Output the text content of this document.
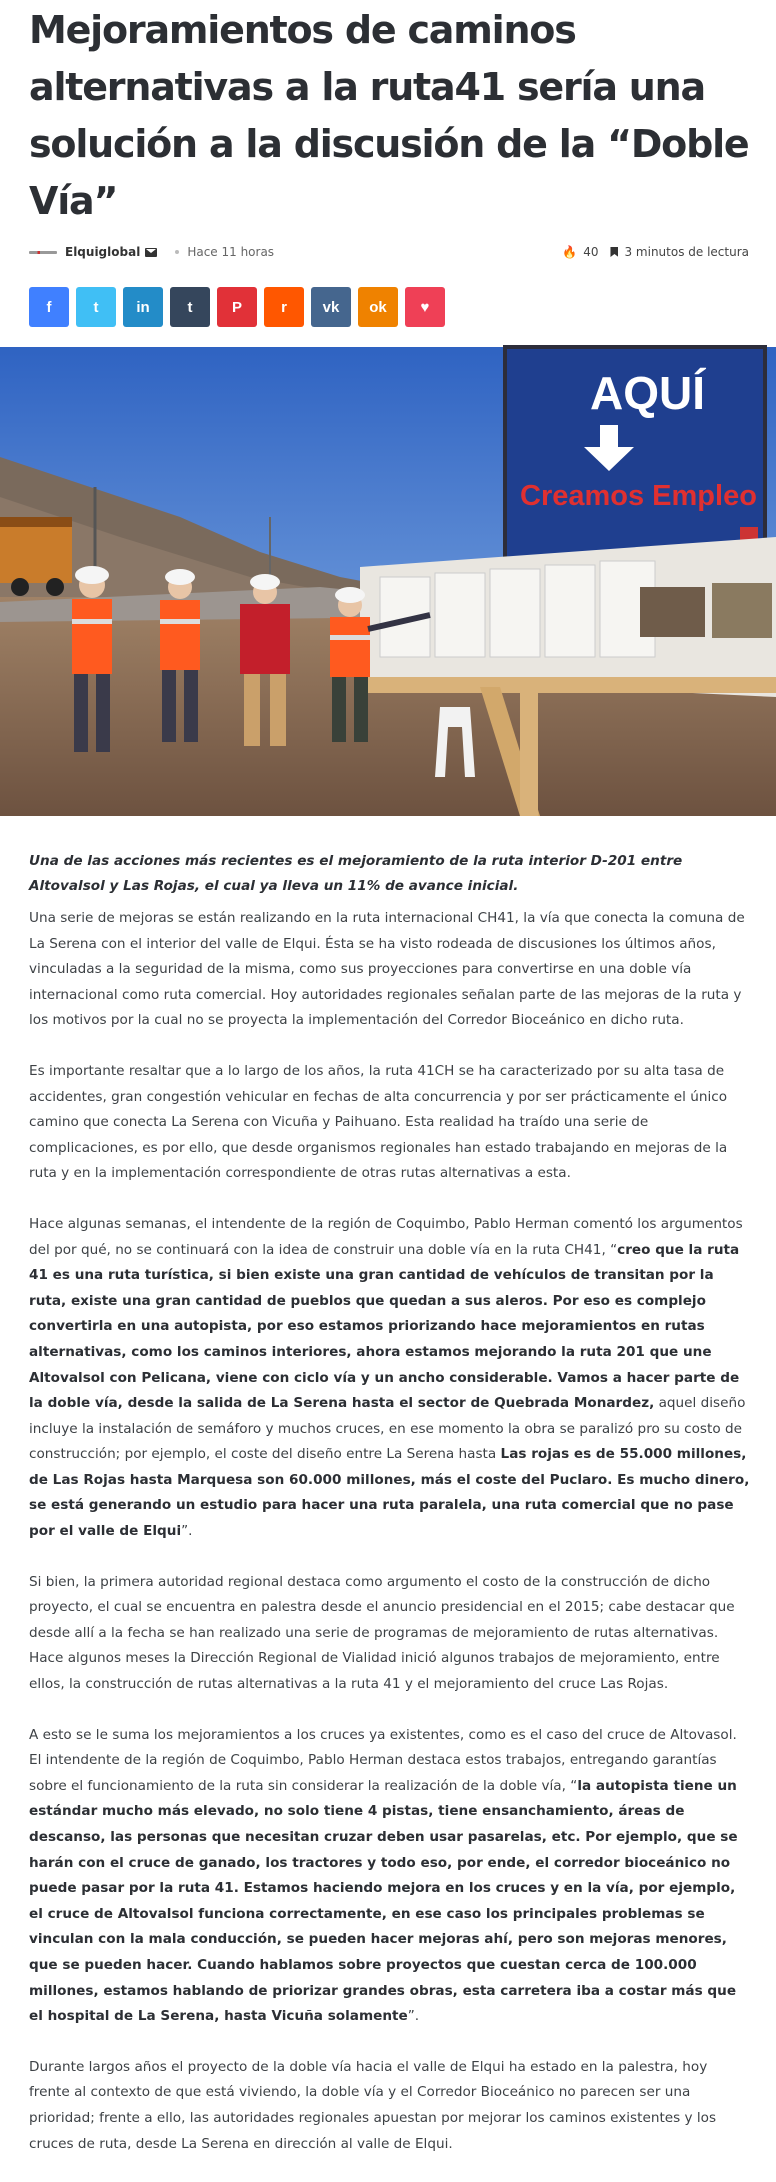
Mejoramientos de caminos alternativas a la ruta41 sería una solución a la discusión de la “Doble Vía”
Elquiglobal	Hace 11 horas	🔥 40 3 minutos de lectura
f	t	in	t	P	r vk ok ♥
AQUÍ
Creamos Empleo

Una de las acciones más recientes es el mejoramiento de la ruta interior D-201 entre Altovalsol y Las Rojas, el cual ya lleva un 11% de avance inicial.

Una serie de mejoras se están realizando en la ruta internacional CH41, la vía que conecta la comuna de La Serena con el interior del valle de Elqui. Ésta se ha visto rodeada de discusiones los últimos años, vinculadas a la seguridad de la misma, como sus proyecciones para convertirse en una doble vía internacional como ruta comercial. Hoy autoridades regionales señalan parte de las mejoras de la ruta y los motivos por la cual no se proyecta la implementación del Corredor Bioceánico en dicho ruta.

Es importante resaltar que a lo largo de los años, la ruta 41CH se ha caracterizado por su alta tasa de accidentes, gran congestión vehicular en fechas de alta concurrencia y por ser prácticamente el único camino que conecta La Serena con Vicuña y Paihuano. Esta realidad ha traído una serie de complicaciones, es por ello, que desde organismos regionales han estado trabajando en mejoras de la ruta y en la implementación correspondiente de otras rutas alternativas a esta.

Hace algunas semanas, el intendente de la región de Coquimbo, Pablo Herman comentó los argumentos del por qué, no se continuará con la idea de construir una doble vía en la ruta CH41, “creo que la ruta 41 es una ruta turística, si bien existe una gran cantidad de vehículos de transitan por la ruta, existe una gran cantidad de pueblos que quedan a sus aleros. Por eso es complejo convertirla en una autopista, por eso estamos priorizando hace mejoramientos en rutas alternativas, como los caminos interiores, ahora estamos mejorando la ruta 201 que une Altovalsol con Pelicana, viene con ciclo vía y un ancho considerable. Vamos a hacer parte de la doble vía, desde la salida de La Serena hasta el sector de Quebrada Monardez, aquel diseño incluye la instalación de semáforo y muchos cruces, en ese momento la obra se paralizó pro su costo de construcción; por ejemplo, el coste del diseño entre La Serena hasta Las rojas es de 55.000 millones, de Las Rojas hasta Marquesa son 60.000 millones, más el coste del Puclaro. Es mucho dinero, se está generando un estudio para hacer una ruta paralela, una ruta comercial que no pase por el valle de Elqui”.

Si bien, la primera autoridad regional destaca como argumento el costo de la construcción de dicho proyecto, el cual se encuentra en palestra desde el anuncio presidencial en el 2015; cabe destacar que desde allí a la fecha se han realizado una serie de programas de mejoramiento de rutas alternativas. Hace algunos meses la Dirección Regional de Vialidad inició algunos trabajos de mejoramiento, entre ellos, la construcción de rutas alternativas a la ruta 41 y el mejoramiento del cruce Las Rojas.

A esto se le suma los mejoramientos a los cruces ya existentes, como es el caso del cruce de Altovasol. El intendente de la región de Coquimbo, Pablo Herman destaca estos trabajos, entregando garantías sobre el funcionamiento de la ruta sin considerar la realización de la doble vía, “la autopista tiene un estándar mucho más elevado, no solo tiene 4 pistas, tiene ensanchamiento, áreas de descanso, las personas que necesitan cruzar deben usar pasarelas, etc. Por ejemplo, que se harán con el cruce de ganado, los tractores y todo eso, por ende, el corredor bioceánico no puede pasar por la ruta 41. Estamos haciendo mejora en los cruces y en la vía, por ejemplo, el cruce de Altovalsol funciona correctamente, en ese caso los principales problemas se vinculan con la mala conducción, se pueden hacer mejoras ahí, pero son mejoras menores, que se pueden hacer. Cuando hablamos sobre proyectos que cuestan cerca de 100.000 millones, estamos hablando de priorizar grandes obras, esta carretera iba a costar más que el hospital de La Serena, hasta Vicuña solamente”.

Durante largos años el proyecto de la doble vía hacia el valle de Elqui ha estado en la palestra, hoy frente al contexto de que está viviendo, la doble vía y el Corredor Bioceánico no parecen ser una prioridad; frente a ello, las autoridades regionales apuestan por mejorar los caminos existentes y los cruces de ruta, desde La Serena en dirección al valle de Elqui.
